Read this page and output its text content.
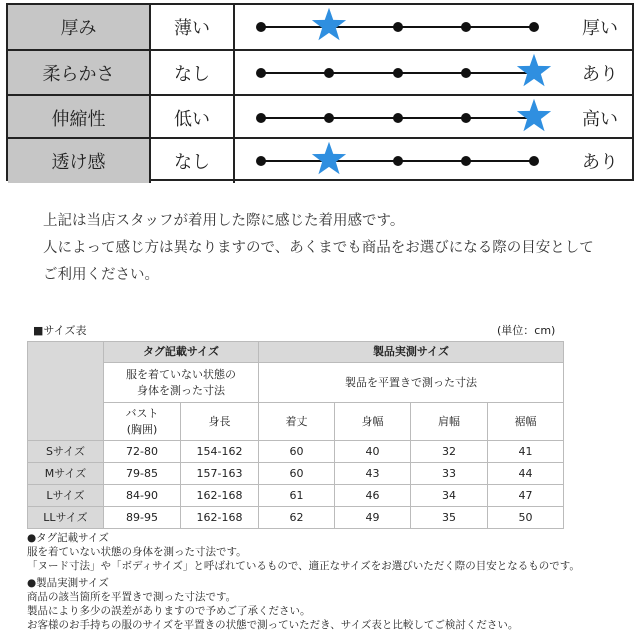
厚み	薄い	厚い
柔らかさ	なし	あり
伸縮性	低い	高い
透け感	なし	あり
上記は当店スタッフが着用した際に感じた着用感です。
人によって感じ方は異なりますので、あくまでも商品をお選びになる際の目安として
ご利用ください。
■サイズ表	(単位：cm)
	タグ記載サイズ		製品実測サイズ			

	服を着ていない状態の
身体を測った寸法		製品を平置きで測った寸法			

	バスト
(胸囲)	身長	着丈	身幅	肩幅	裾幅
Sサイズ	72-80	154-162	60	40	32	41
Mサイズ	79-85	157-163	60	43	33	44
Lサイズ	84-90	162-168	61	46	34	47
LLサイズ	89-95	162-168	62	49	35	50
●タグ記載サイズ
服を着ていない状態の身体を測った寸法です。
「ヌード寸法」や「ボディサイズ」と呼ばれているもので、適正なサイズをお選びいただく際の目安となるものです。
●製品実測サイズ
商品の該当箇所を平置きで測った寸法です。
製品により多少の誤差がありますので予めご了承ください。
お客様のお手持ちの服のサイズを平置きの状態で測っていただき、サイズ表と比較してご検討ください。
